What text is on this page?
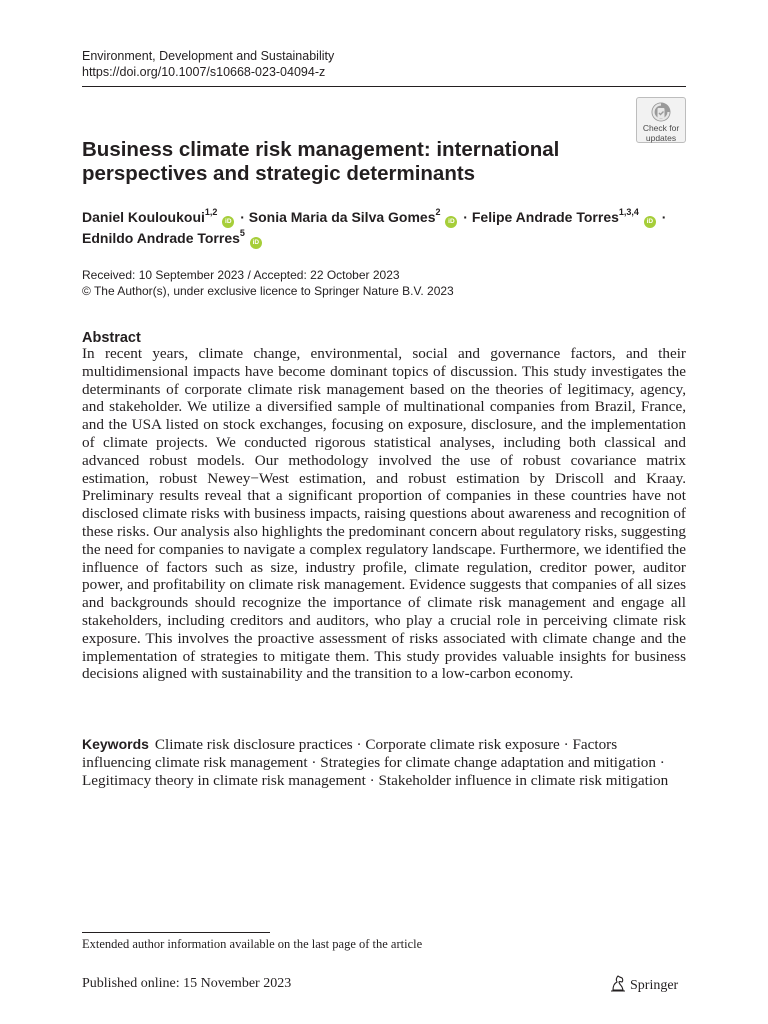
Environment, Development and Sustainability
https://doi.org/10.1007/s10668-023-04094-z
Check for
updates
Business climate risk management: international perspectives and strategic determinants
Daniel Kouloukoui$^{1,2}$ iD · Sonia Maria da Silva Gomes$^2$ iD · Felipe Andrade Torres$^{1,3,4}$ iD ·
Ednildo Andrade Torres$^5$ iD
Received: 10 September 2023 / Accepted: 22 October 2023
© The Author(s), under exclusive licence to Springer Nature B.V. 2023
Abstract

In recent years, climate change, environmental, social and governance factors, and their multidimensional impacts have become dominant topics of discussion. This study investigates the determinants of corporate climate risk management based on the theories of legitimacy, agency, and stakeholder. We utilize a diversified sample of multinational companies from Brazil, France, and the USA listed on stock exchanges, focusing on exposure, disclosure, and the implementation of climate projects. We conducted rigorous statistical analyses, including both classical and advanced robust models. Our methodology involved the use of robust covariance matrix estimation, robust Newey−West estimation, and robust estimation by Driscoll and Kraay. Preliminary results reveal that a significant proportion of companies in these countries have not disclosed climate risks with business impacts, raising questions about awareness and recognition of these risks. Our analysis also highlights the predominant concern about regulatory risks, suggesting the need for companies to navigate a complex regulatory landscape. Furthermore, we identified the influence of factors such as size, industry profile, climate regulation, creditor power, auditor power, and profitability on climate risk management. Evidence suggests that companies of all sizes and backgrounds should recognize the importance of climate risk management and engage all stakeholders, including creditors and auditors, who play a crucial role in perceiving climate risk exposure. This involves the proactive assessment of risks associated with climate change and the implementation of strategies to mitigate them. This study provides valuable insights for business decisions aligned with sustainability and the transition to a low-carbon economy.

Keywords Climate risk disclosure practices · Corporate climate risk exposure · Factors influencing climate risk management · Strategies for climate change adaptation and mitigation · Legitimacy theory in climate risk management · Stakeholder influence in climate risk mitigation

Extended author information available on the last page of the article
Published online: 15 November 2023	Springer
